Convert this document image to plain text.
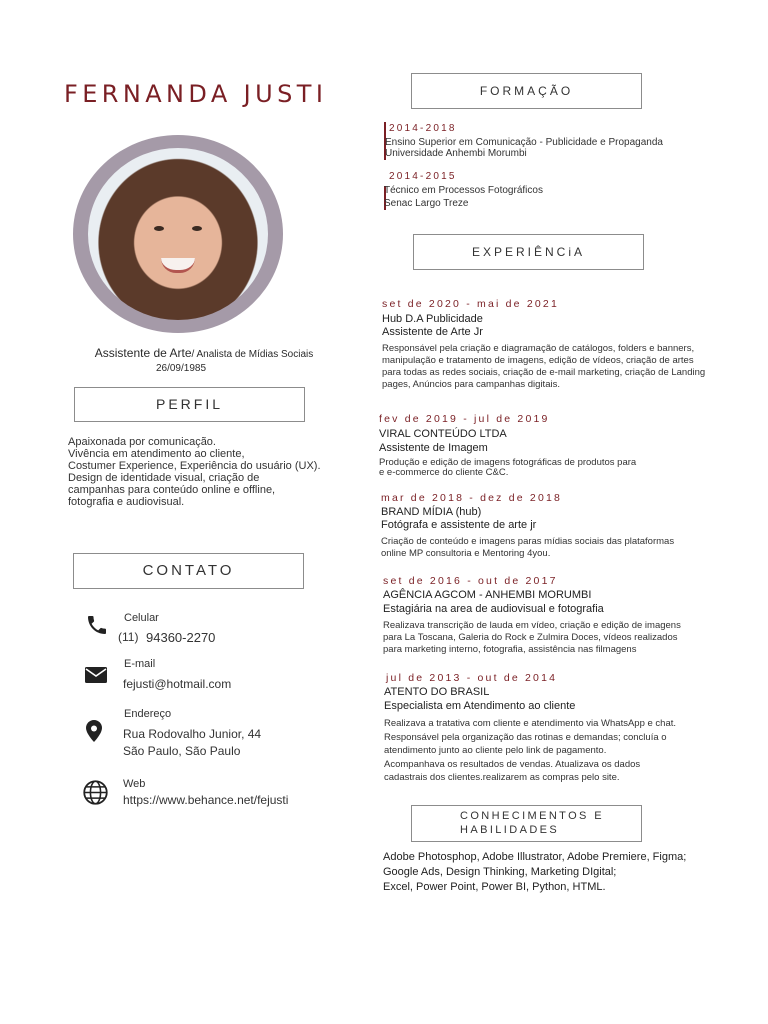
FERNANDA JUSTI
Assistente de Arte/ Analista de Mídias Sociais
26/09/1985
PERFIL
Apaixonada por comunicação.
Vivência em atendimento ao cliente,
Costumer Experience, Experiência do usuário (UX).
Design de identidade visual, criação de
campanhas para conteúdo online e offline,
fotografia e audiovisual.
CONTATO
Celular
(11) 94360-2270
E-mail
fejusti@hotmail.com
Endereço
Rua Rodovalho Junior, 44
São Paulo, São Paulo
Web
https://www.behance.net/fejusti
FORMAÇÃO
2014-2018
Ensino Superior em Comunicação - Publicidade e Propaganda
Universidade Anhembi Morumbi
2014-2015
Técnico em Processos Fotográficos
Senac Largo Treze
EXPERIÊNCiA
set de 2020 - mai de 2021
Hub D.A Publicidade
Assistente de Arte Jr
Responsável pela criação e diagramação de catálogos, folders e banners,
manipulação e tratamento de imagens, edição de vídeos, criação de artes
para todas as redes sociais, criação de e-mail marketing, criação de Landing
pages, Anúncios para campanhas digitais.
fev de 2019 - jul de 2019
VIRAL CONTEÚDO LTDA
Assistente de Imagem
Produção e edição de imagens fotográficas de produtos para
e e-commerce do cliente C&C.
mar de 2018 - dez de 2018
BRAND MÍDIA (hub)
Fotógrafa e assistente de arte jr
Criação de conteúdo e imagens paras mídias sociais das plataformas
online MP consultoria e Mentoring 4you.
set de 2016 - out de 2017
AGÊNCIA AGCOM - ANHEMBI MORUMBI
Estagiária na area de audiovisual e fotografia
Realizava transcrição de lauda em vídeo, criação e edição de imagens
para La Toscana, Galeria do Rock e Zulmira Doces, vídeos realizados
para marketing interno, fotografia, assistência nas filmagens
jul de 2013 - out de 2014
ATENTO DO BRASIL
Especialista em Atendimento ao cliente
Realizava a tratativa com cliente e atendimento via WhatsApp e chat.
Responsável pela organização das rotinas e demandas; concluía o
atendimento junto ao cliente pelo link de pagamento.
Acompanhava os resultados de vendas. Atualizava os dados
cadastrais dos clientes.realizarem as compras pelo site.
CONHECIMENTOS E
HABILIDADES
Adobe Photosphop, Adobe Illustrator, Adobe Premiere, Figma;
Google Ads, Design Thinking, Marketing DIgital;
Excel, Power Point, Power BI, Python, HTML.
